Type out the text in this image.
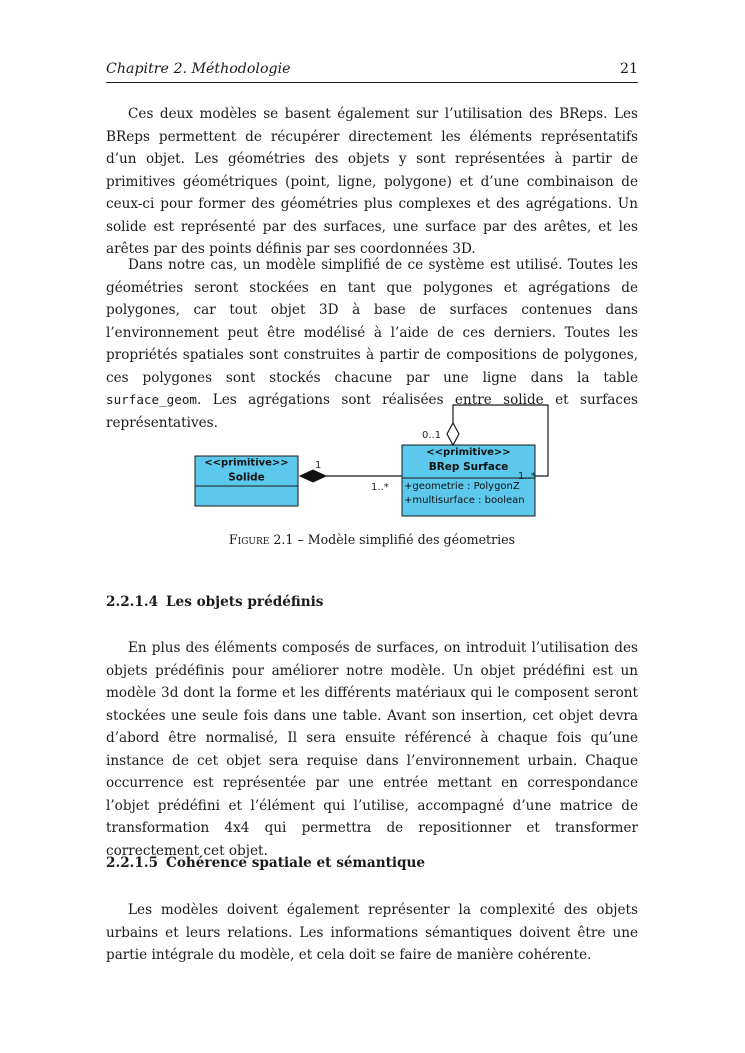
Chapitre 2. Méthodologie	21

Ces deux modèles se basent également sur l’utilisation des BReps. Les BReps permettent de récupérer directement les éléments représentatifs d’un objet. Les géométries des objets y sont représentées à partir de primitives géométriques (point, ligne, polygone) et d’une combinaison de ceux-ci pour former des géométries plus complexes et des agrégations. Un solide est représenté par des surfaces, une surface par des arêtes, et les arêtes par des points définis par ses coordonnées 3D.

Dans notre cas, un modèle simplifié de ce système est utilisé. Toutes les géométries seront stockées en tant que polygones et agrégations de polygones, car tout objet 3D à base de surfaces contenues dans l’environnement peut être modélisé à l’aide de ces derniers. Toutes les propriétés spatiales sont construites à partir de compositions de polygones, ces polygones sont stockés chacune par une ligne dans la table surface_geom. Les agrégations sont réalisées entre solide et surfaces représentatives.

<<primitive>>
Solide
1
1..*
<<primitive>>
BRep Surface
+geometrie : PolygonZ
+multisurface : boolean
0..1
1..*
Figure 2.1 – Modèle simplifié des géometries
2.2.1.4 Les objets prédéfinis

En plus des éléments composés de surfaces, on introduit l’utilisation des objets prédéfinis pour améliorer notre modèle. Un objet prédéfini est un modèle 3d dont la forme et les différents matériaux qui le composent seront stockées une seule fois dans une table. Avant son insertion, cet objet devra d’abord être normalisé, Il sera ensuite référencé à chaque fois qu’une instance de cet objet sera requise dans l’environnement urbain. Chaque occurrence est représentée par une entrée mettant en correspondance l’objet prédéfini et l’élément qui l’utilise, accompagné d’une matrice de transformation 4x4 qui permettra de repositionner et transformer correctement cet objet.

2.2.1.5 Cohérence spatiale et sémantique

Les modèles doivent également représenter la complexité des objets urbains et leurs relations. Les informations sémantiques doivent être une partie intégrale du modèle, et cela doit se faire de manière cohérente.
